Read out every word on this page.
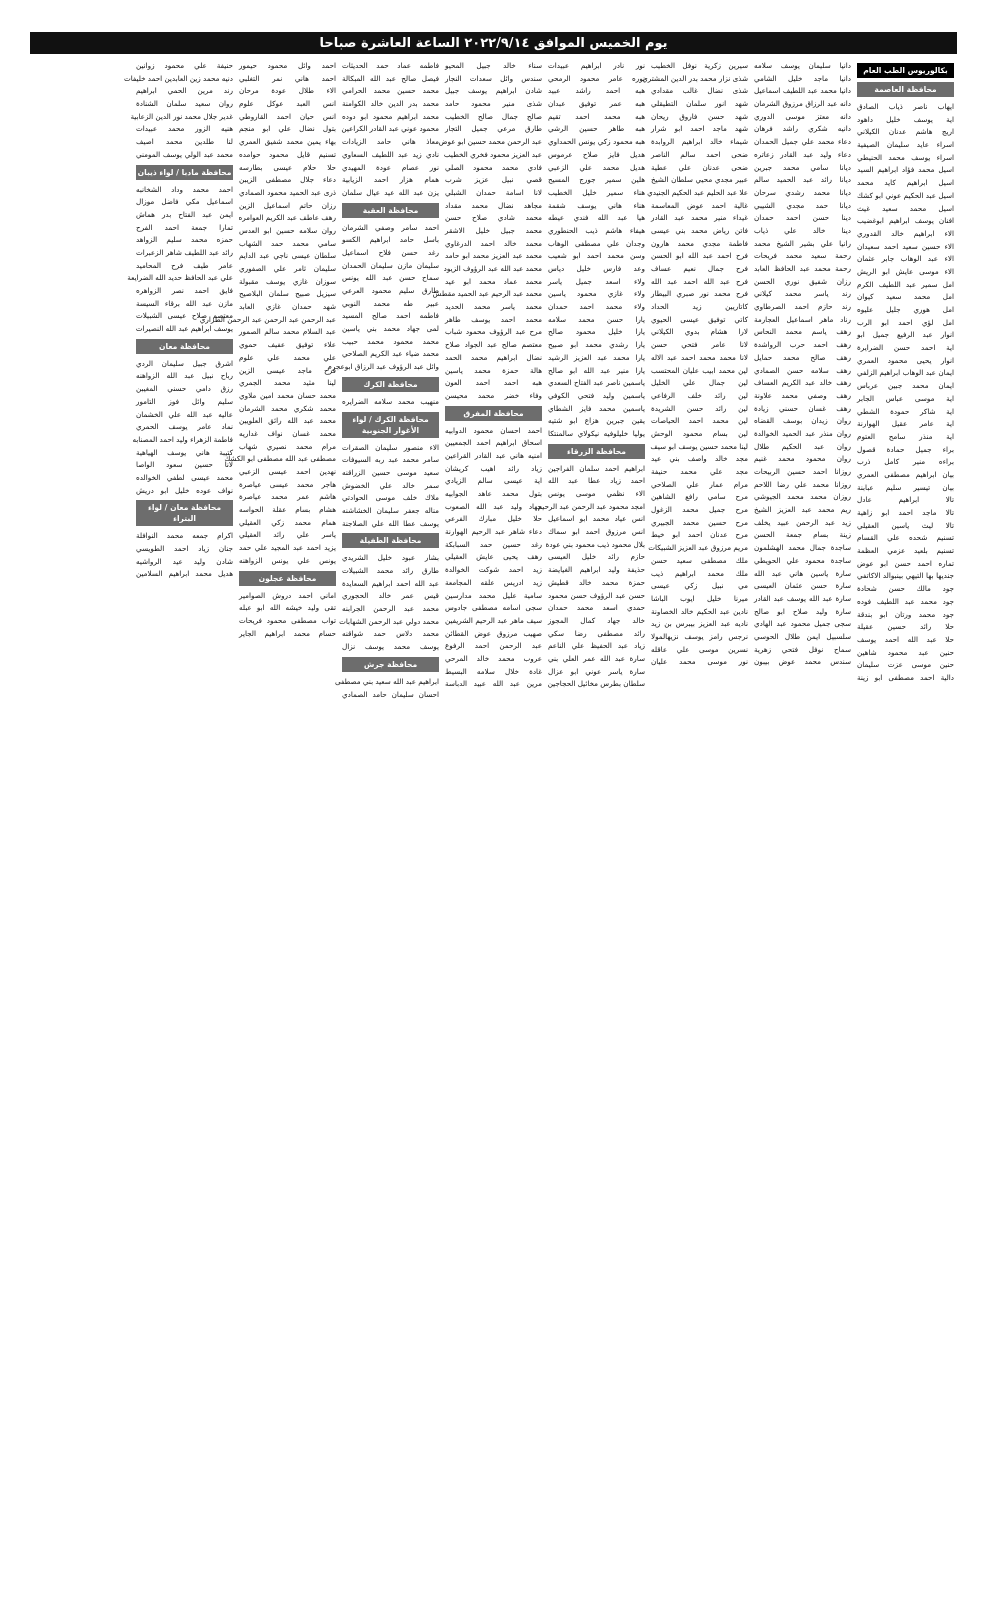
يوم الخميس الموافق ٢٠٢٢/٩/١٤ الساعة العاشرة صباحا
بكالوريوس الطب العام
محافظة العاصمة
ايهاب ناصر ذياب الصادق
اية يوسف خليل داهود
اريج هاشم عدنان الكيلاني
اسراء عايد سليمان الصيفية
اسراء يوسف محمد الحنيطي
اسيل محمد فؤاد ابراهيم السيد
اسيل ابراهيم كايد محمد
اسيل عبد الحكيم عوني ابو كشك
اسيل محمد سعيد غيث
افنان يوسف ابراهيم ابوغضيب
الاء ابراهيم خالد القدوري
الاء حسين سعيد احمد سعيدان
الاء عبد الوهاب جابر عثمان
الاء موسى عايش ابو الريش
امل سمير عبد اللطيف الكرم
امل محمد سعيد كيوان
امل هوري جليل عليوه
امل لؤي احمد ابو الرب
انوار عبد الرفيع جميل ابو
اية احمد حسن الضرايرة
انوار يحيى محمود العمري
ايمان عبد الوهاب ابراهيم الزلفي
ايمان محمد جبين عرباس
اية موسى عباس الجابر
اية شاكر حمودة الشطي
اية عامر عقيل الهوارنة
اية منذر سامح العتوم
براء جميل حمادة قصول
براءه منير كامل ذرب
بيان ابراهيم مصطفى العمري
بيان تيسير سليم عبابنة
تالا ابراهيم عادل
تالا ماجد احمد ابو زاهية
تالا ليث ياسين العقيلي
تسنيم شحده علي القسام
تسنيم بلعيد عزمي العظمة
تماره احمد حسن ابو عوض
جنديها بها التيهي بينبوالد الاكاتفي
جود مالك حسن شحادة
جود محمد عبد اللطيف فوده
جود محمد ورتان ابو بندقة
حلا رائد حسين عقيلة
حلا عبد الله احمد يوسف
حنين عبد محمود شاهين
حنين موسى عزت سليمان
دالية احمد مصطفى ابو زينة
دانيا سليمان يوسف سلامه
دانيا ماجد خليل الشامي
دانيا محمد عبد اللطيف اسماعيل
دانه عبد الرزاق مرزوق الشرمان
دانه معتز موسى الدوري
دانيه شكري راشد فرهان
دعاء محمد علي جميل الحمدان
دعاء وليد عبد القادر زعاتره
ديانا سامي محمد جبرين
ديانا رائد عبد الحميد سالم
ديانا محمد رشدي سرحان
ديانا حمد مجدي الشيبي
دينا حسن احمد حمدان
دينا خالد علي ذياب
رانيا علي بشير الشيخ محمد
رحمة سعيد محمد فريحات
رحمة محمد عبد الحافظ العابد
رزان شفيق نوري الحسن
رند ياسر محمد كيلاني
رند حازم احمد الصرطاوي
رناد ماهر اسماعيل العجارمة
رهف ياسم محمد النحاس
رهف احمد حرب الرواشدة
رهف صالح محمد حمايل
رهف سلامه حسن الصمادي
رهف خالد عبد الكريم العساف
رهف وصفي محمد علاونة
رهف غسان حسني زيادة
روان زيدان بوسف القضاه
روان منذر عبد الحميد الخوالدة
روان عبد الحكيم طلال
روان محمود محمد غنيم
روزانا احمد حسين الربيحات
روزانا محمد علي رضا اللاحم
روزان محمد محمد الجيوشي
ريم محمد عبد العزيز الشيخ
زيد عبد الرحمن عبيد يخلف
زينة بسام جمعة الحسن
ساجدة جمال محمد الهشلمون
ساجدة محمود علي الحويطي
سارة ياسين هاني عبد الله
سارة حسن عثمان العيسى
سارة عبد الله يوسف عبد القادر
سارة وليد صلاح ابو صالح
سجى جميل محمود عبد الهادي
سلسبيل ايمن طلال الحوسي
سماح نوفل فتحي زهرية
سندس محمد عوض بيبون
سيرين زكرية نوفل الخطيب
شذى نزار محمد بدر الدين المشتري
شذى نضال غالب مقدادي
شهد انور سلمان التطيقلي
شهد حسن فاروق ريحان
شهد ماجد احمد ابو شرار
شيماء خالد ابراهيم الروابدة
ضحى احمد سالم الناصر
ضحى عدنان علي عطية
عبير مجدي محيي سلطان الشيخ
علا عبد الحليم عبد الحكيم الجنيدي
غالية احمد عوض المعاسمة
غيداء منير محمد عبد القادر
فاتن رياض محمد بني عيسى
فاطمة مجدي محمد هارون
فرح احمد عبد الله ابو الحسن
فرح جمال نعيم عساف
فرح عبد الله احمد عبد الله
فرح محمد نور صبري البيطار
كاتاريين زيد الحداد
كاتي توفيق عيسى الحيوي
لارا هشام بدوي الكيلاني
لانا عامر فتحي حسن
لانا محمد محمد احمد عبد الاله
لين محمد ابيب عليان المحتسب
لين جمال علي الخليل
لين رائد خلف الرفاعي
لين رائد حسن الشريدة
لين محمد احمد الحياصات
لين بسام محمود الوحش
لينا محمد حسين يوسف ابو سيف
مجد خالد واصف بني عيد
مجد علي محمد حنيفة
مرام عمار علي الصلاحي
مرح سامي رافع الشاهين
مرح جميل محمد الزغول
مرح حسين محمد الجبيري
مرح عدنان احمد ابو خيط
مريم مرزوق عبد العزيز الشبيكات
ملك مصطفى سعيد حسن
ملك محمد ابراهيم ذيب
مي نبيل زكي عيسى
ميرنا خليل ايوب الباشا
نادين عبد الحكيم خالد الخصاونة
ناديه عبد العزيز بيبرس بن زيد
نرجس رامز يوسف نزيهالمولا
نسرين موسى علي عاقله
نور موسى محمد عليان
نور نادر ابراهيم عبيدات
نوره عامر محمود الرمحي
هبه احمد راشد عبيد
هبه عمر توفيق عبدان
هبه محمد احمد تقيم
هبه طاهر حسين الرشي
هبه محمود زكي يونس الحمداوي
هديل فايز صلاح عرموس
هديل محمد علي الزعبي
هلين سمير جورج المسيح
هناء سمير خليل الخطيب
هناء هاني يوسف شقمة
هيا عبد الله فندي عيطه
هيفاء هاشم ذيب الحنطوري
وجدان علي مصطفى الوهاب
وسن محمد احمد ابو شعيب
وعد فارس خليل دياس
ولاء اسعد جميل ياسر
ولاء غازي محمود ياسين
ولاء محمد احمد حمدان
يارا حسن محمد سلامه
يارا خليل محمود صالح
يارا رشدي محمد ابو صبيح
يارا محمد عبد العزيز الرشيد
يارا منير عبد الله ابو صالح
ياسمين ناصر عبد الفتاح السعدي
ياسمين وليد فتحي الكوفي
ياسمين محمد فايز الشطاي
يقين جبرين هزاع ابو شتيه
يوليا خليلوفيه نيكولاي سالمنتكا
محافظة الزرقاء
ابراهيم احمد سلمان الفراجين
احمد زياد عطا عبد الله
الاء نظمي موسى يونس
امجد محمود عبد الرحمن عبد الرحيم
انس عياد محمد ابو اسماعيل
انس مرزوق احمد ابو سماك
بلال محمود ذيب محمود بني عودة
حازم رائد خليل العيسى
حذيفة وليد ابراهيم الغيايضة
حمزة محمد خالد قطيش
حسن عبد الرؤوف حسن محمود
حمدي اسعد محمد حمدان
خالد جهاد كمال المجوز
رائد مصطفى رضا سكي
زياد عبد الحفيظ علي الناعم
سارة عبد الله عمر العلي بني
سارة ياسر عوني ابو عزال
سلطان بطرس مخائيل الحجاجين
سناء خالد جبيل المحيو
سندس وائل سعدات النجار
شادن ابراهيم يوسف جبيل
شذى منير محمود حامد
صالح جمال صالح الخطيب
طارق مرعي جميل التجار
عبد الرحمن محمد حسين ابو عوض
عبد العزيز محمود فخري الخطيب
فادي محمد محمود الصلي
قصي نبيل عزيز شرب
لانا اسامة حمدان الشبلي
مجاهد نضال محمد مقداد
محمد شادي صلاح حسن
محمد جبيل خليل الاشقر
محمد خالد احمد الدرغاوي
محمد عبد العزيز محمد ابو حامد
محمد عبد الله عبد الرؤوف الزيود
محمد عماد محمد ابو عيد
محمد عبد الرحيم عبد الحميد مقطش
محمد ياسر محمد الحديد
محمد احمد يوسف طاهر
مرح عبد الرؤوف محمود شباب
معتصم صالح عبد الجواد صلاح
نضال ابراهيم محمد الحمد
هالة حمزة محمد ياسين
هبه احمد احمد العون
وفاء خضر محمد محيسن
محافظة المفرق
احمد احسان محمود الدوابيه
اسحاق ابراهيم احمد الجمعيين
امنيه هاني عبد القادر القراعين
زياد رائد اهيب كريشان
اية عيسى سالم الزيادي
بتول محمد عاهد الجوابيه
جهاد وليد عبد الله الصعوب
حلا خليل مبارك الفرعي
دعاء شاهر عبد الرحيم الهوارنة
رغد حسين حمد السبابكة
رهف يحيى عايش العقيلي
زيد احمد شوكت الخوالدة
زيد ادريس علقه المجامعة
سامية عليل محمد مدارسين
سجى اسامه مصطفى جادوس
سيف ماهر عبد الرحيم الشريفين
صهيب مرزوق عوض القطائن
عبد الرحمن احمد الرفوع
عروب محمد خالد المرحي
غادة خلال سلامه البسيط
مرين عبد الله عبيد الدباسة
فاطمه عماد حمد الحديثات
فيصل صالح عبد الله المبكالة
محمد حسين محمد الحرامي
محمد بدر الدين خالد الكوامنة
محمد ابراهيم محمود ابو دوده
محمود عوني عبد القادر الكراعين
معاذ هاني حامد الزيادات
نادي زيد عبد اللطيف السعاوي
نور عصام عودة المهيدي
همام هزار احمد الزيابية
يزن عبد الله عيد عيال سلمان
محافظة العقبة
احمد سامر وصفي الشرمان
باسل حامد ابراهيم الكسو
رغد حسن فلاح اسماعيل
سليمان مازن سليمان الحمدان
سماح حسن عبد الله يونس
طارق سليم محمود العرعي
عبير طه محمد النوبي
فاطمه احمد صالح المسيد
لمى جهاد محمد بني ياسين
محمد محمود محمد حبيب
محمد ضياء عبد الكريم الصلاحي
وائل عبد الرؤوف عبد الرزاق ابوعجرم
محافظة الكرك
منهيب محمد سلامه الضرايره
محافظة الكرك / لواء الأغوار الجنوبية
الاء منصور سليمان الصقرات
سامر محمد عبد ربه السيوفات
سعيد موسى حسين الزراقنه
سمر خالد علي الخضوش
ملاك خلف موسى الحوادتي
مناله جعفر سليمان الخشاشنه
يوسف عطا الله علي الصلاجنة
محافظة الطفيلة
بشار عبود خليل الشريدي
طارق رائد محمد الشبيلات
عبد الله احمد ابراهيم السعايدة
قيس عمر خالد الحجوري
محمد عبد الرحمن الجرابنه
محمد دولي عبد الرحمن الشهابات
محمد دلاس حمد شواقنه
يوسف محمد يوسف نزال
محافظة جرش
ابراهيم عبد الله سعيد بني مصطفى
احسان سليمان حامد الصمادي
احمد وائل محمود حيمور
احمد هاني نمر التغلبي
الاء طلال عودة مرحان
انس العبد عوكل علوم
انس حيان احمد القاروطي
بتول نضال علي ابو منجم
بهاء يمين محمد شفيق العمري
تسنيم قايل محمود حوامده
حلا حلام عيسى بطارسه
دعاء جلال مصطفى الزيبن
ذرى عبد الحميد محمود الصمادي
رزان حاتم اسماعيل الزين
رهف عاطف عبد الكريم العوامره
روان سلامه حسين ابو العدس
سامي محمد حمد الشهاب
سلطان عيسى ناجي عبد الدايم
سليمان ثامر علي الصفوري
سوزان غازي يوسف مقبولة
سيزيل صبيح سلمان البلاصيح
شهد حمدان غازي العابد
عبد الرحمن عبد الرحمن عبد الرحمن الطراري
عبد السلام محمد سالم الصمور
علاء توفيق عفيف حموي
علي محمد علي علوم
فرح ماجد عيسى الزين
لينا مثيد محمد الجمري
محمد حسان محمد امين ملاوي
محمد شكري محمد الشرمان
محمد عبد الله رائق العلويين
محمد غسان نواف غداريه
مرام محمد نصيري شهاب
مصطفى عبد الله مصطفى ابو الكشك
نهدين احمد عيسى الزعبي
هاجر محمد عيسى عياصرة
هاشم عمر محمد عياصرة
هشام بسام عقلة الحواسه
همام محمد زكي العقيلي
ياسر علي رائد العقيلي
يزيد احمد عبد المجيد علي حمد
يونس علي يونس الزواهنه
محافظة عجلون
اماني احمد دروش الصوامير
تقى وليد خيشه الله ابو عبله
تواب مصطفى محمود فريحات
حسام محمد ابراهيم الجاير
حنيفة علي محمود زوانين
دنيه محمد زين العابدين احمد خليفات
رند مرين الحمي ابراهيم
روان سعيد سلمان الشنادة
غدير جلال محمد نور الدين الزعابية
هنيه الزور محمد عبيدات
لنا طلدين محمد اصيف
محمد عبد الولي يوسف المومني
محافظة مادبا / لواء ذيبان
احمد محمد وداد الشخانبه
اسماعيل مكي فاضل موزال
ايمن عبد الفتاح بدر هماش
تمارا جمعة احمد الفرح
حمزه محمد سليم الزواهد
رائد عبد اللطيف شاهر الزعبرات
عامر طيف فرح المحاميد
علي عبد الحافظ حديد الله الضرايعة
فايق احمد نصر الزواهره
مازن عبد الله برقاء السيسة
معتصم صلاح عيسى الشبيلات
يوسف ابراهيم عبد الله النصيرات
محافظة معان
اشرق جبيل سليمان الردي
رباح نبيل عبد الله الزواهنه
رزق دامي حسني المغيبن
سليم وائل فوز التامور
عاليه عبد الله علي الخشمان
نماد عامر يوسف الحمري
فاطمة الزهراء وليد احمد المصنابه
كتيبة هاني يوسف الهياهية
لانا حسين سعود الواصا
محمد عيسى لطفي الخوالده
نواف عوده خليل ابو دريش
محافظة معان / لواء البتراء
اكرام جمعه محمد النوافلة
جنان زياد احمد الطويسي
شادن وليد عيد الرواشيه
هديل محمد ابراهيم السلامين
